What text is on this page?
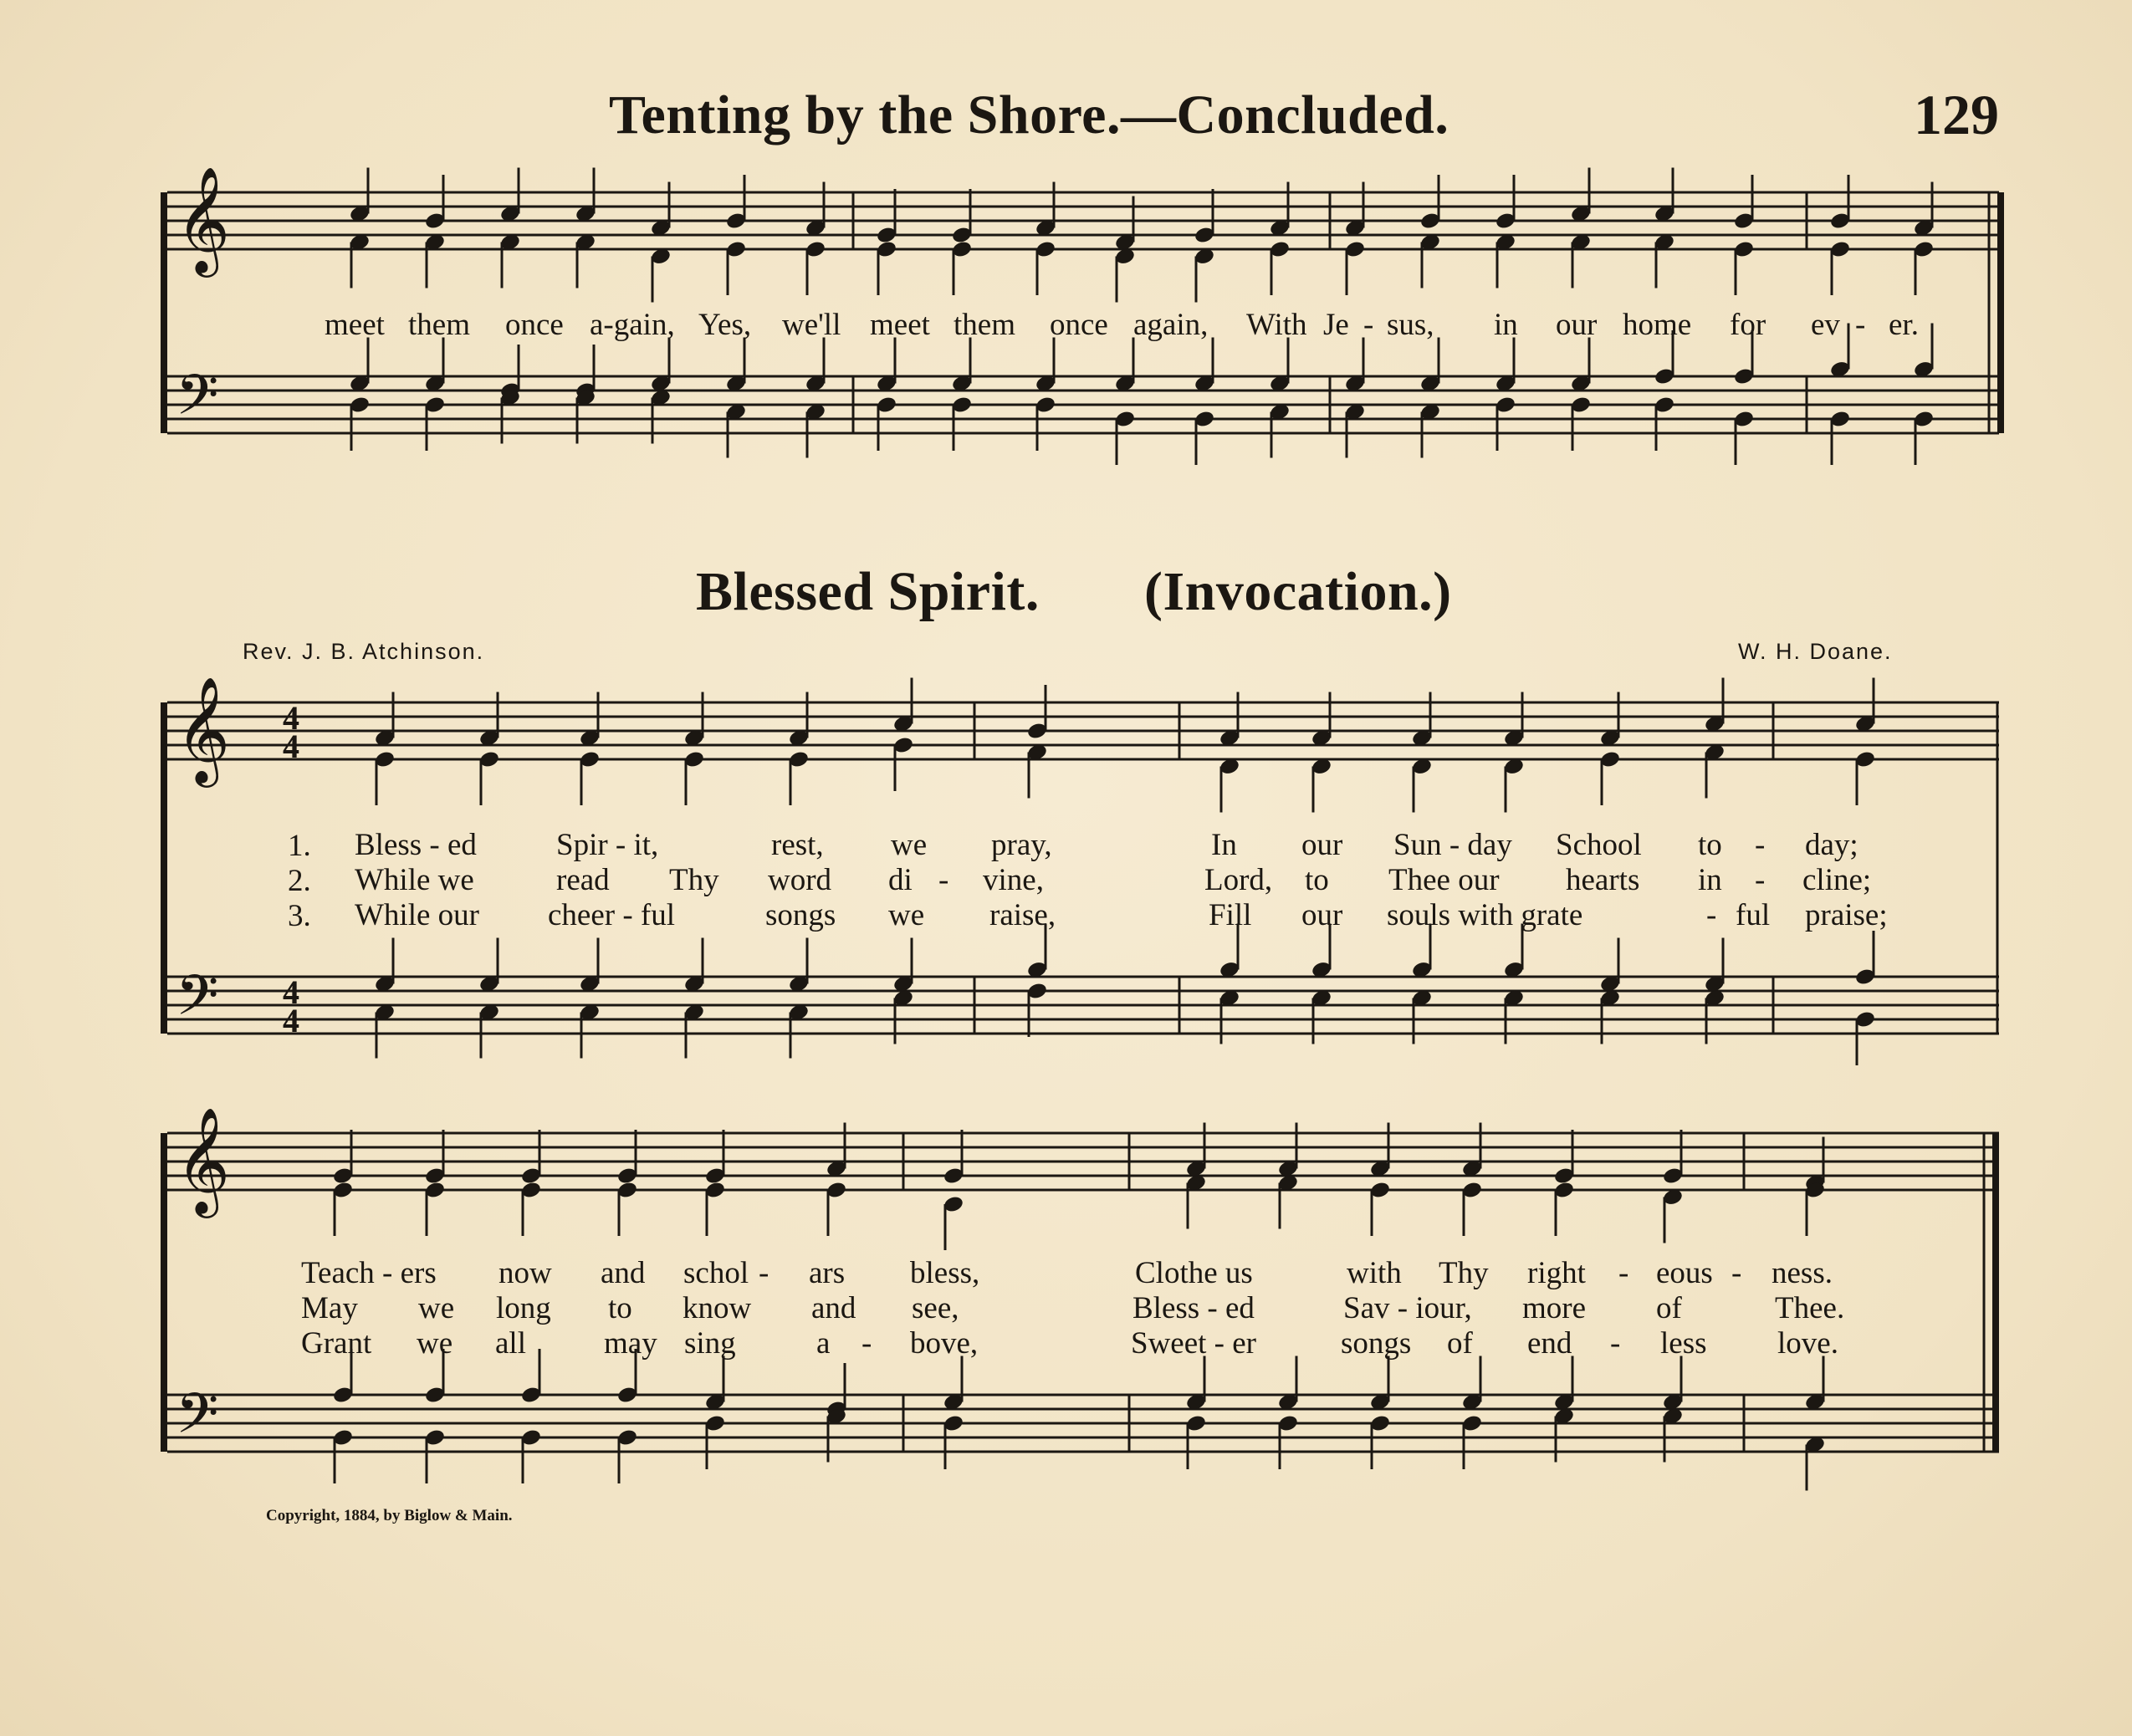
Tenting by the Shore.—Concluded.	129
Blessed Spirit. (Invocation.)
Rev. J. B. Atchinson.	W. H. Doane.
𝄞
𝄢
𝄞
𝄢
4
4
4
4
𝄞
𝄢
meet them once a-gain, Yes, we'll meet them once again, With Je - sus, in our home for ev - er.
1.
2.
3.
Bless - ed	Spir - it,	rest, we pray,	In our Sun - day School to - day;
While we	read Thy word di - vine,	Lord, to Thee our hearts in - cline;
While our cheer - ful	songs we raise,	Fill our souls with grate	- ful praise;
Teach - ers now and schol - ars bless,	Clothe us	with Thy right - eous - ness.
May we long to know and see,	Bless - ed	Sav - iour, more of	Thee.
Grant we all	may sing	a - bove,	Sweet - er	songs of end - less love.
Copyright, 1884, by Biglow & Main.
